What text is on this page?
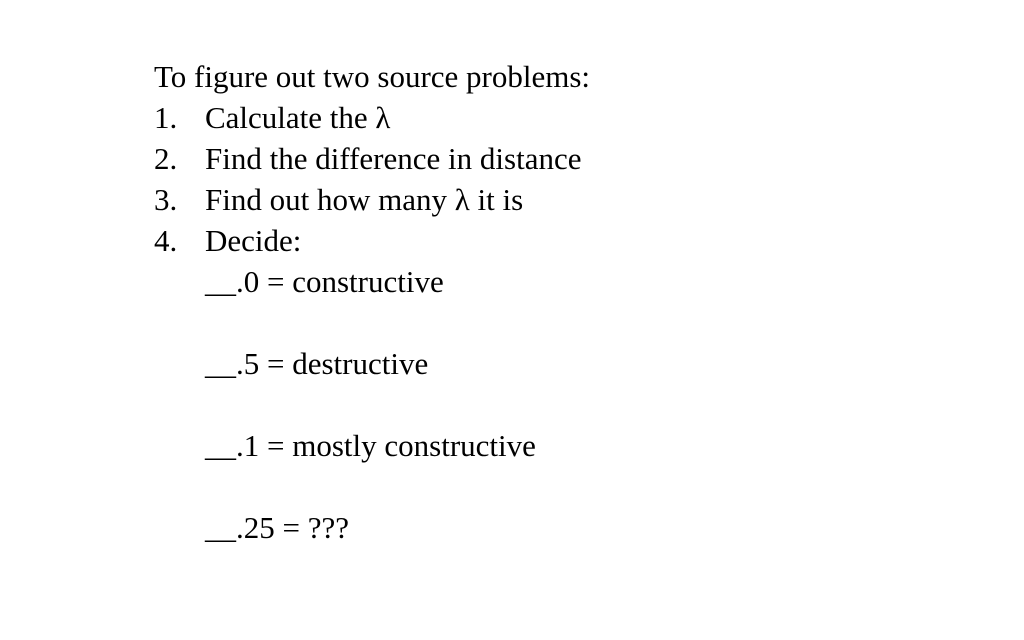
To figure out two source problems:
1. Calculate the λ
2. Find the difference in distance
3. Find out how many λ it is
4. Decide:
__.0 = constructive
__.5 = destructive
__.1 = mostly constructive
__.25 = ???
